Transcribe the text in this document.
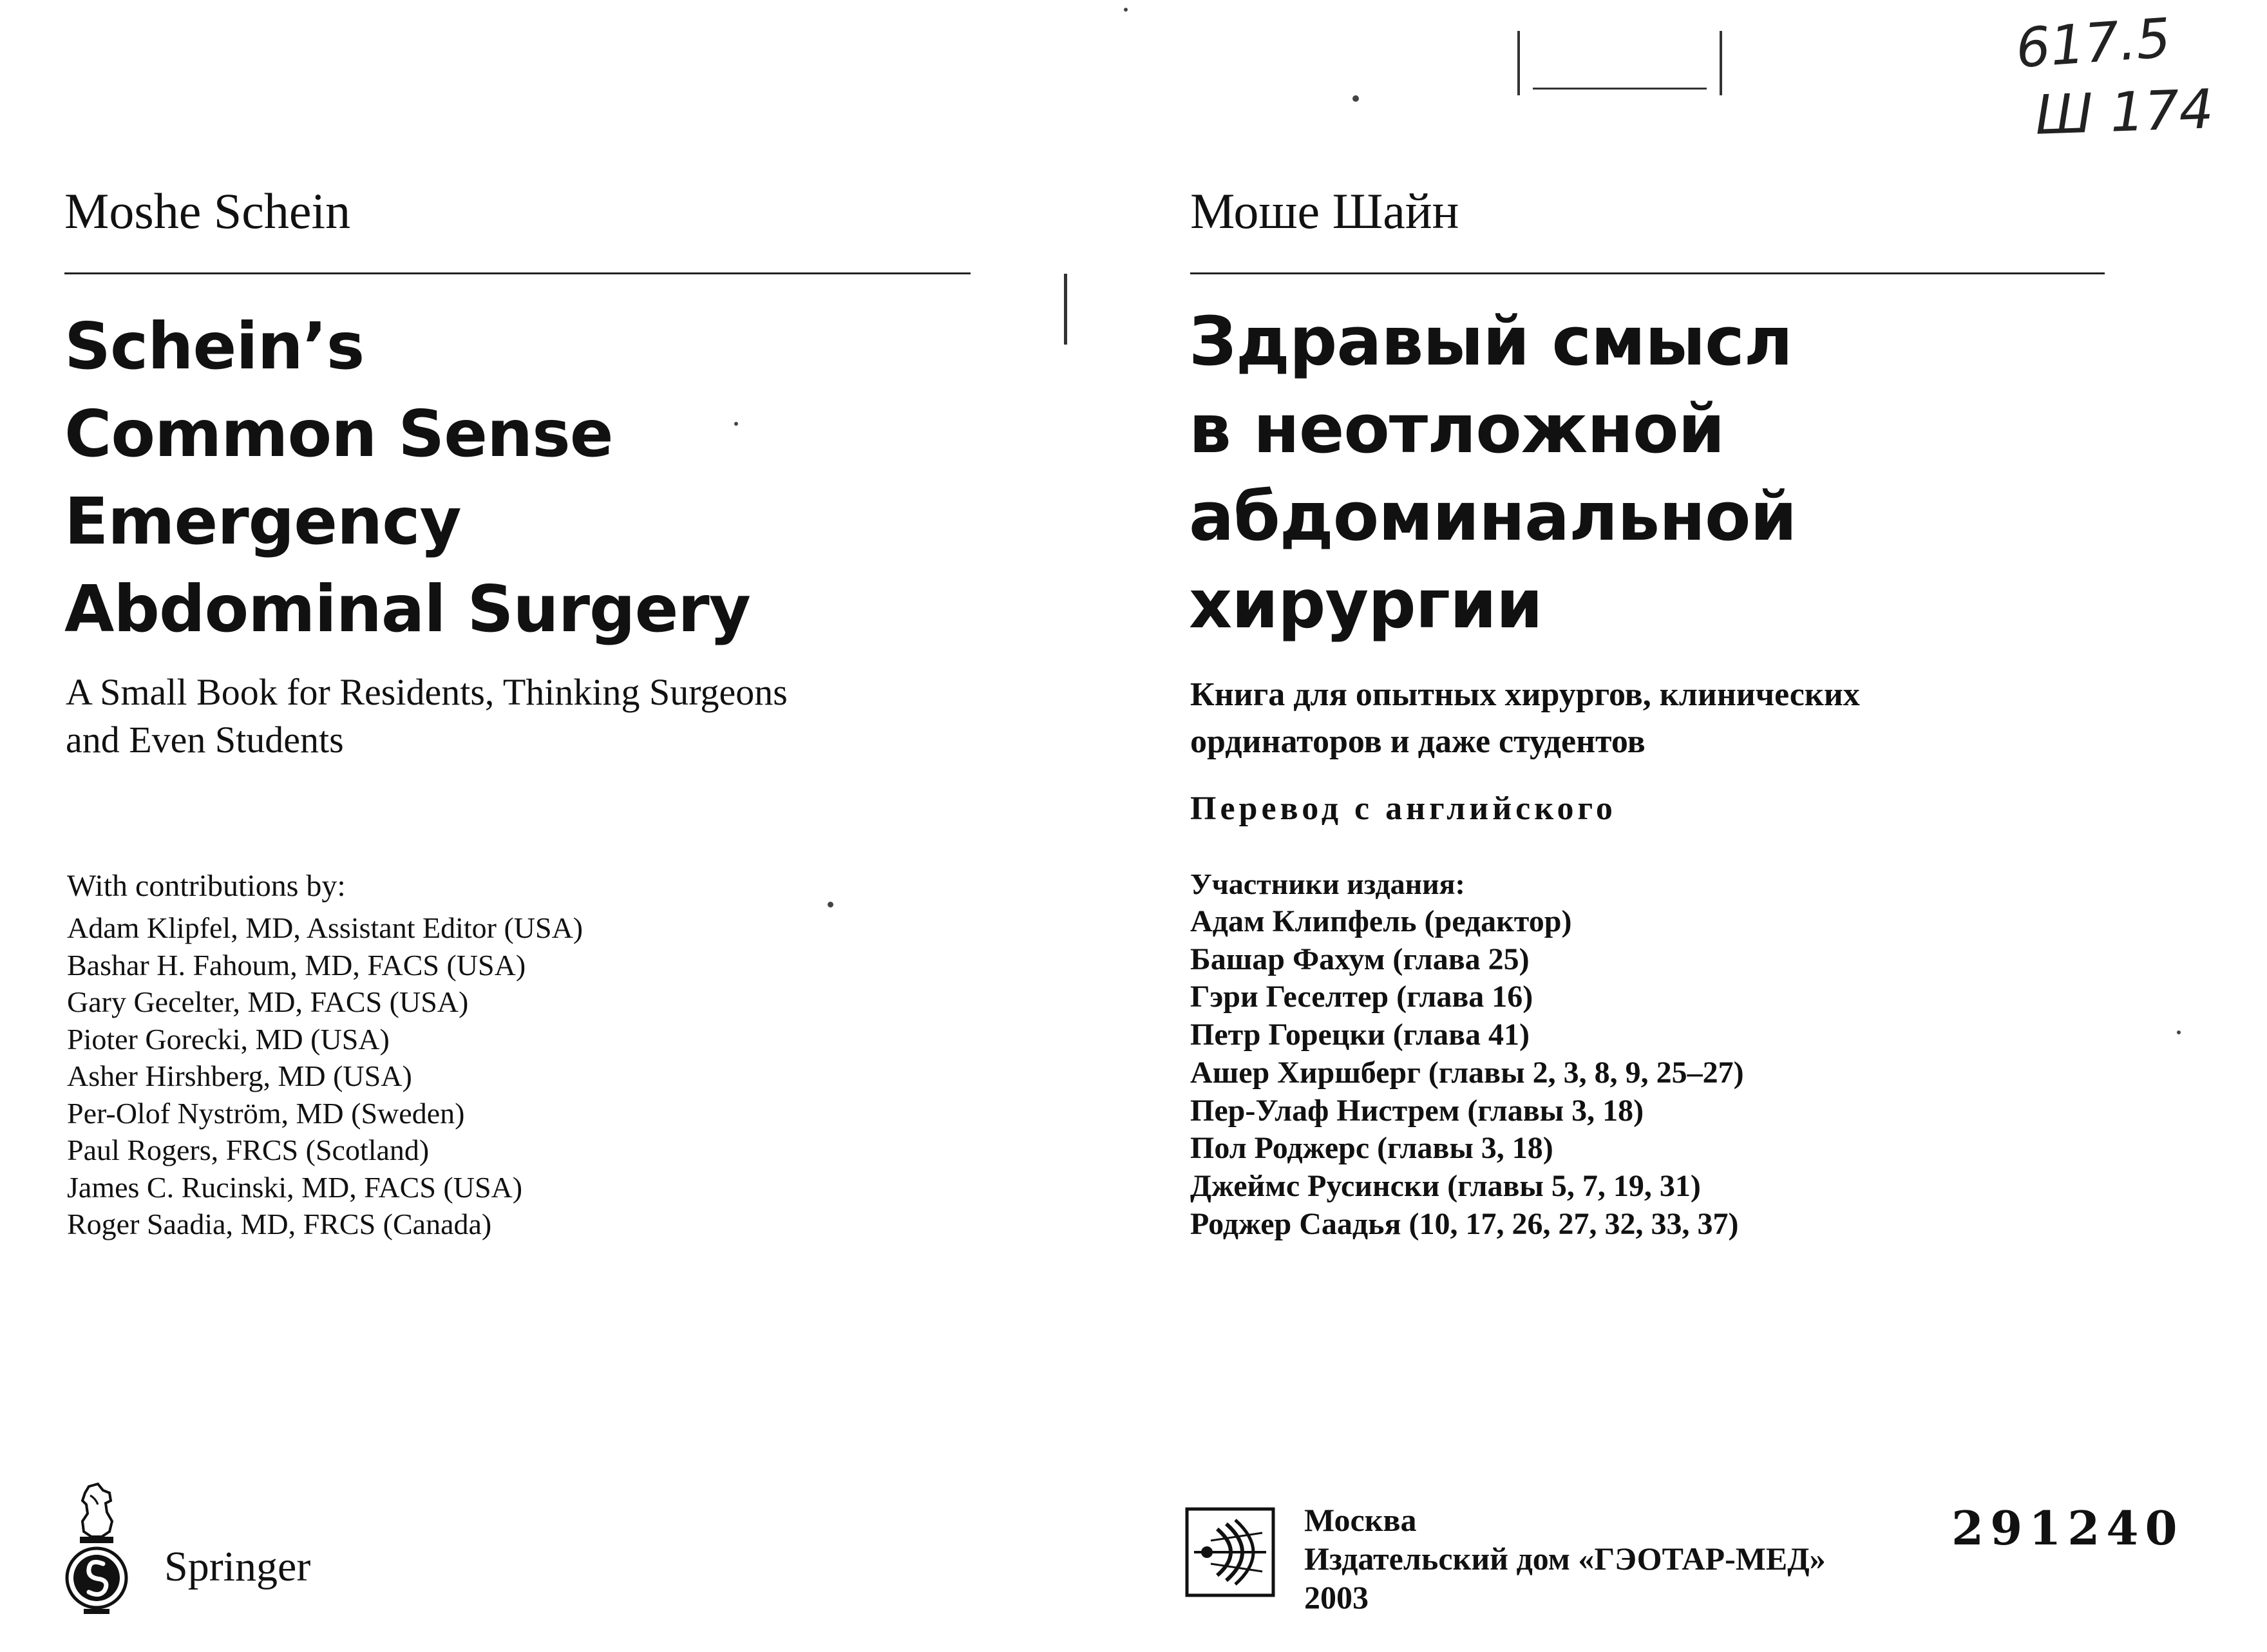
Moshe Schein
Schein’s
Common Sense
Emergency
Abdominal Surgery
A Small Book for Residents, Thinking Surgeons
and Even Students
With contributions by:
Adam Klipfel, MD, Assistant Editor (USA)
Bashar H. Fahoum, MD, FACS (USA)
Gary Gecelter, MD, FACS (USA)
Pioter Gorecki, MD (USA)
Asher Hirshberg, MD (USA)
Per-Olof Nyström, MD (Sweden)
Paul Rogers, FRCS (Scotland)
James C. Rucinski, MD, FACS (USA)
Roger Saadia, MD, FRCS (Canada)
Springer
Моше Шайн
Здравый смысл
в неотложной
абдоминальной
хирургии
Книга для опытных хирургов, клинических
ординаторов и даже студентов
Перевод с английского
Участники издания:
Адам Клипфель (редактор)
Башар Фахум (глава 25)
Гэри Геселтер (глава 16)
Петр Горецки (глава 41)
Ашер Хиршберг (главы 2, 3, 8, 9, 25–27)
Пер-Улаф Нистрем (главы 3, 18)
Пол Роджерс (главы 3, 18)
Джеймс Русински (главы 5, 7, 19, 31)
Роджер Саадья (10, 17, 26, 27, 32, 33, 37)
Москва
Издательский дом «ГЭОТАР-МЕД»
2003
291240
617.5
Ш 174
